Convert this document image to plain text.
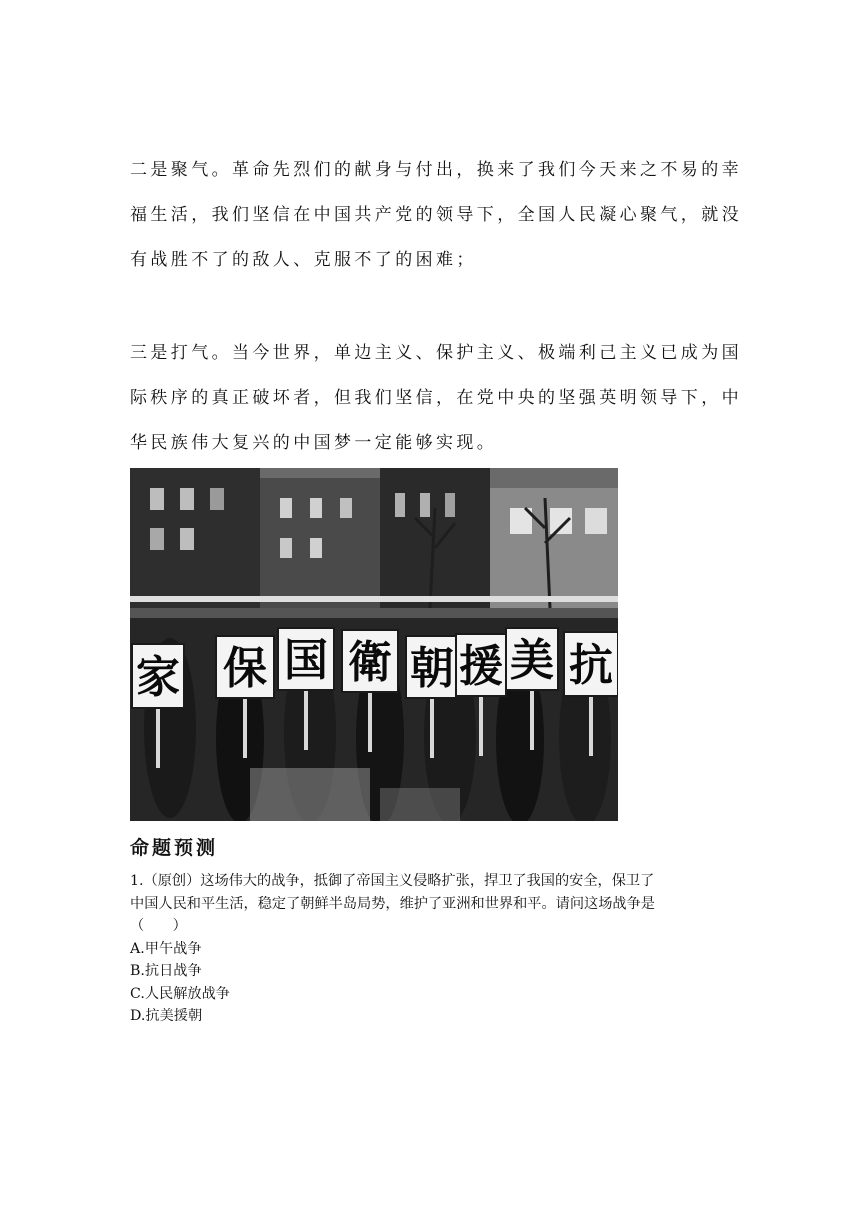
二是聚气。革命先烈们的献身与付出，换来了我们今天来之不易的幸
福生活，我们坚信在中国共产党的领导下，全国人民凝心聚气，就没
有战胜不了的敌人、克服不了的困难；
三是打气。当今世界，单边主义、保护主义、极端利己主义已成为国
际秩序的真正破坏者，但我们坚信，在党中央的坚强英明领导下，中
华民族伟大复兴的中国梦一定能够实现。
家 保 国 衛 朝 援 美 抗
命题预测
1.（原创）这场伟大的战争，抵御了帝国主义侵略扩张，捍卫了我国的安全，保卫了
中国人民和平生活，稳定了朝鲜半岛局势，维护了亚洲和世界和平。请问这场战争是
（　　）
A.甲午战争
B.抗日战争
C.人民解放战争
D.抗美援朝
